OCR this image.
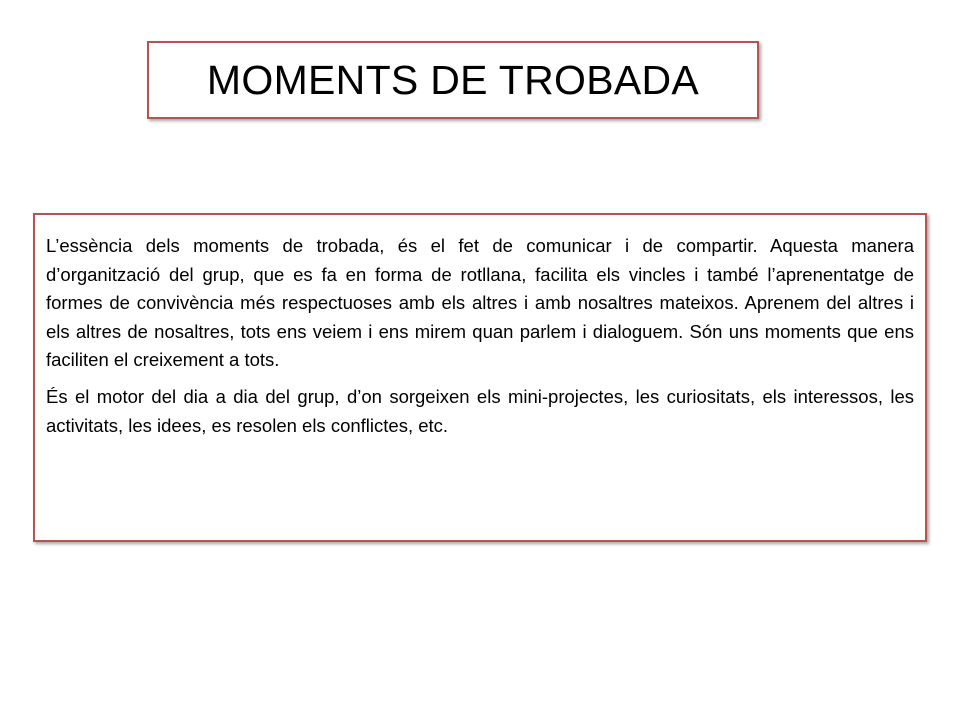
MOMENTS DE TROBADA

L’essència dels moments de trobada, és el fet de comunicar i de compartir. Aquesta manera d’organització del grup, que es fa en forma de rotllana, facilita els vincles i també l’aprenentatge de formes de convivència més respectuoses amb els altres i amb nosaltres mateixos. Aprenem del altres i els altres de nosaltres, tots ens veiem i ens mirem quan parlem i dialoguem. Són uns moments que ens faciliten el creixement a tots.

És el motor del dia a dia del grup, d’on sorgeixen els mini-projectes, les curiositats, els interessos, les activitats, les idees, es resolen els conflictes, etc.
